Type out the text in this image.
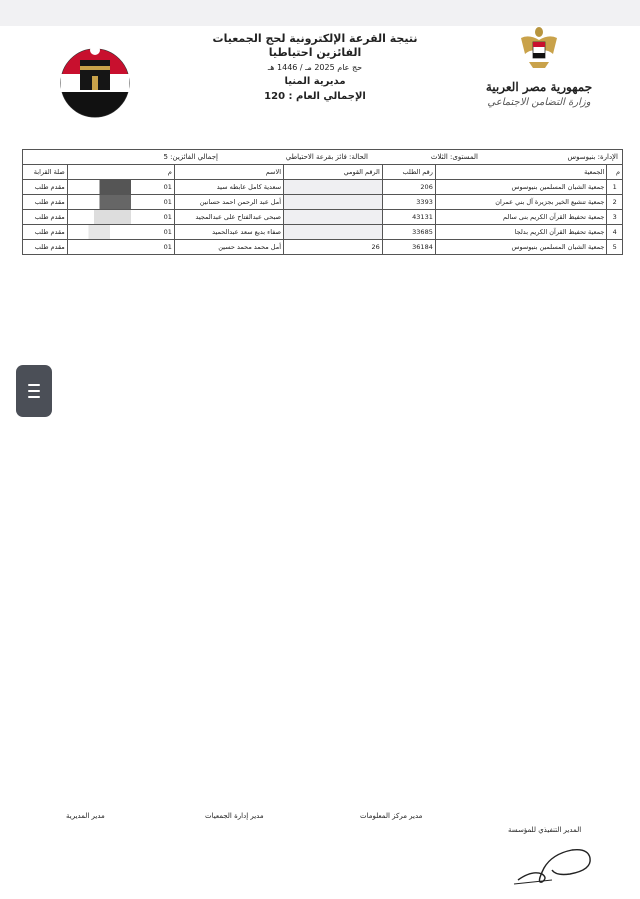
جمهورية مصر العربية
وزارة التضامن الاجتماعي
نتيجة القرعة الإلكترونية لحج الجمعيات
الفائزين احتياطيا
حج عام 2025 مـ / 1446 هـ
مديرية المنيا
الإجمالي العام : 120
الإدارة: بنيوسوس
المستوى: الثلاث
الحالة: فائز بقرعة الاحتياطي
إجمالي الفائزين: 5
م	الجمعية	رقم الطلب	الرقم القومي	الاسم	م	صلة القرابة
1	جمعية الشبان المسلمين بنيوسوس	206		سعدية كامل عابطه سيد	01	مقدم طلب
2	جمعية تنشيع الخير بجزيرة آل بني عمران	3393		أمل عبد الرحمن احمد حسانين	01	مقدم طلب
3	جمعية تحفيظ القرآن الكريم بنى سالم	43131		صبحى عبدالفتاح على عبدالمجيد	01	مقدم طلب
4	جمعية تحفيظ القرآن الكريم بدلجا	33685		صفاء بديع سعد عبدالحميد	01	مقدم طلب
5	جمعية الشبان المسلمين بنيوسوس	36184	26	أمل محمد محمد حسين	01	مقدم طلب
مدير المديرية	مدير إدارة الجمعيات	مدير مركز المعلومات
المدير التنفيذي للمؤسسة
